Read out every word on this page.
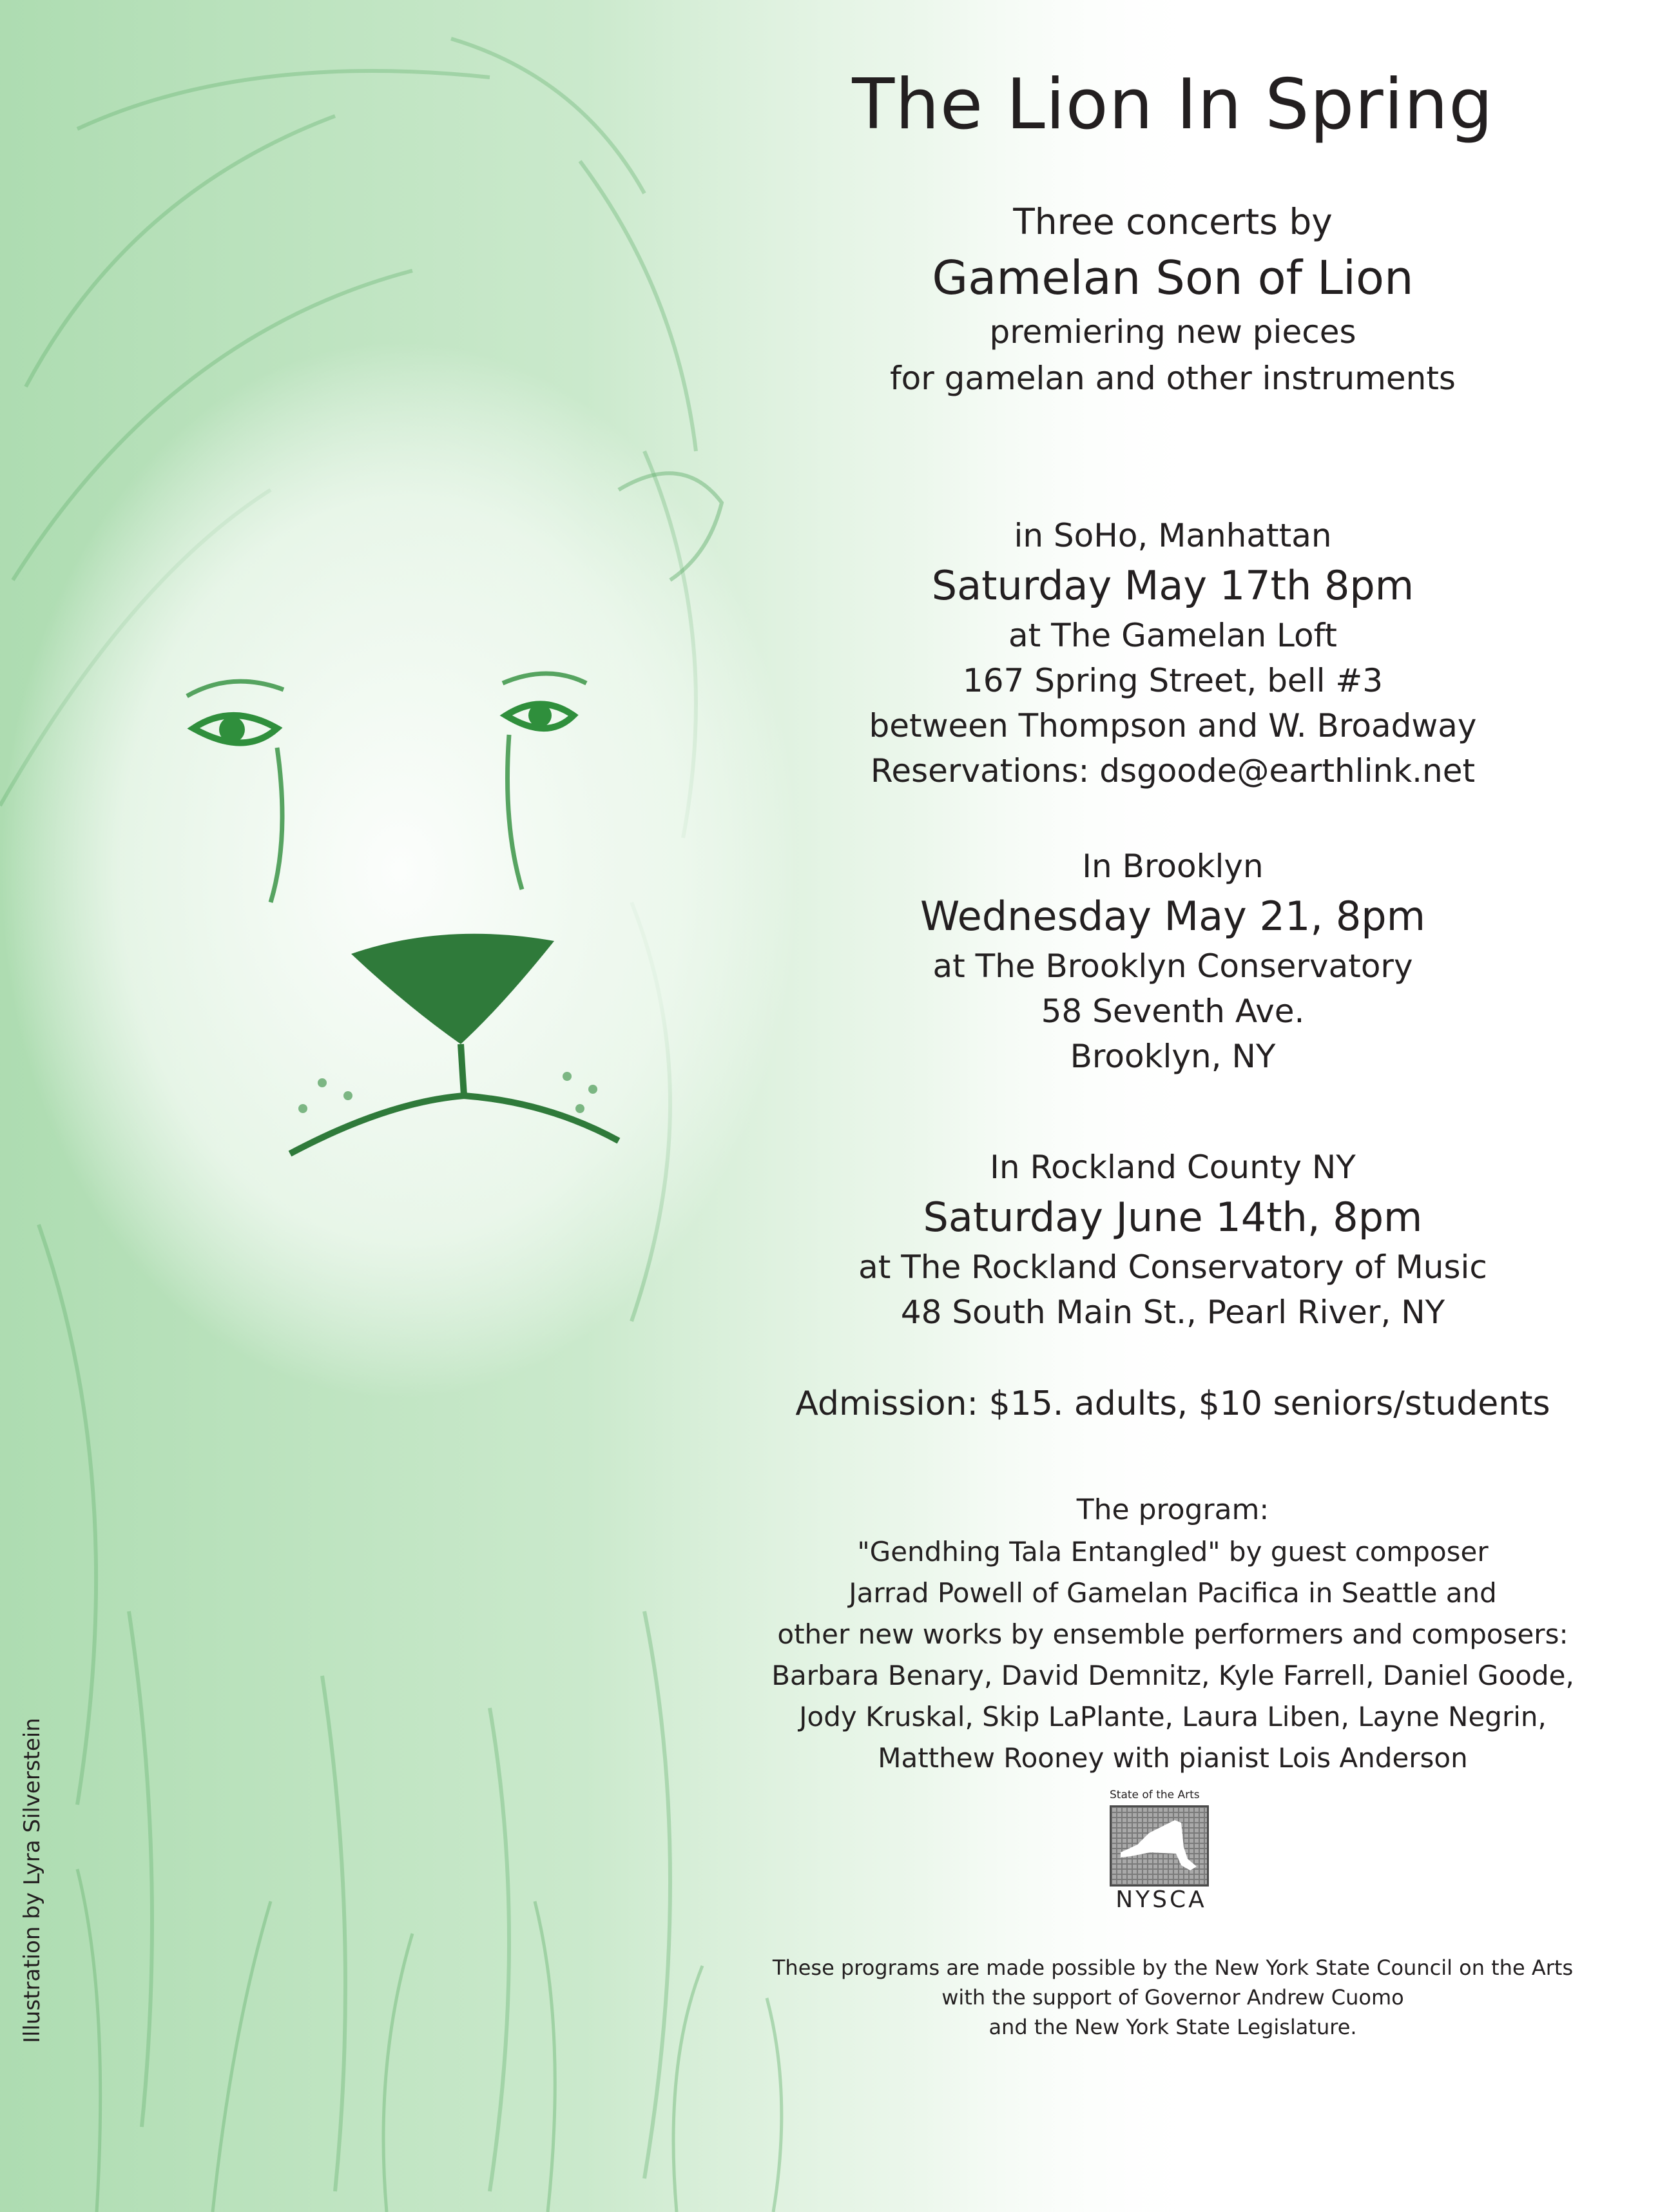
Illustration by Lyra Silverstein
The Lion In Spring
Three concerts by
Gamelan Son of Lion
premiering new pieces
for gamelan and other instruments
in SoHo, Manhattan
Saturday May 17th 8pm
at The Gamelan Loft
167 Spring Street, bell #3
between Thompson and W. Broadway
Reservations: dsgoode@earthlink.net
In Brooklyn
Wednesday May 21, 8pm
at The Brooklyn Conservatory
58 Seventh Ave.
Brooklyn, NY
In Rockland County NY
Saturday June 14th, 8pm
at The Rockland Conservatory of Music
48 South Main St., Pearl River, NY
Admission: $15. adults, $10 seniors/students
The program:
"Gendhing Tala Entangled" by guest composer
Jarrad Powell of Gamelan Pacifica in Seattle and
other new works by ensemble performers and composers:
Barbara Benary, David Demnitz, Kyle Farrell, Daniel Goode,
Jody Kruskal, Skip LaPlante, Laura Liben, Layne Negrin,
Matthew Rooney with pianist Lois Anderson
State of the Arts
NYSCA
These programs are made possible by the New York State Council on the Arts
with the support of Governor Andrew Cuomo
and the New York State Legislature.
